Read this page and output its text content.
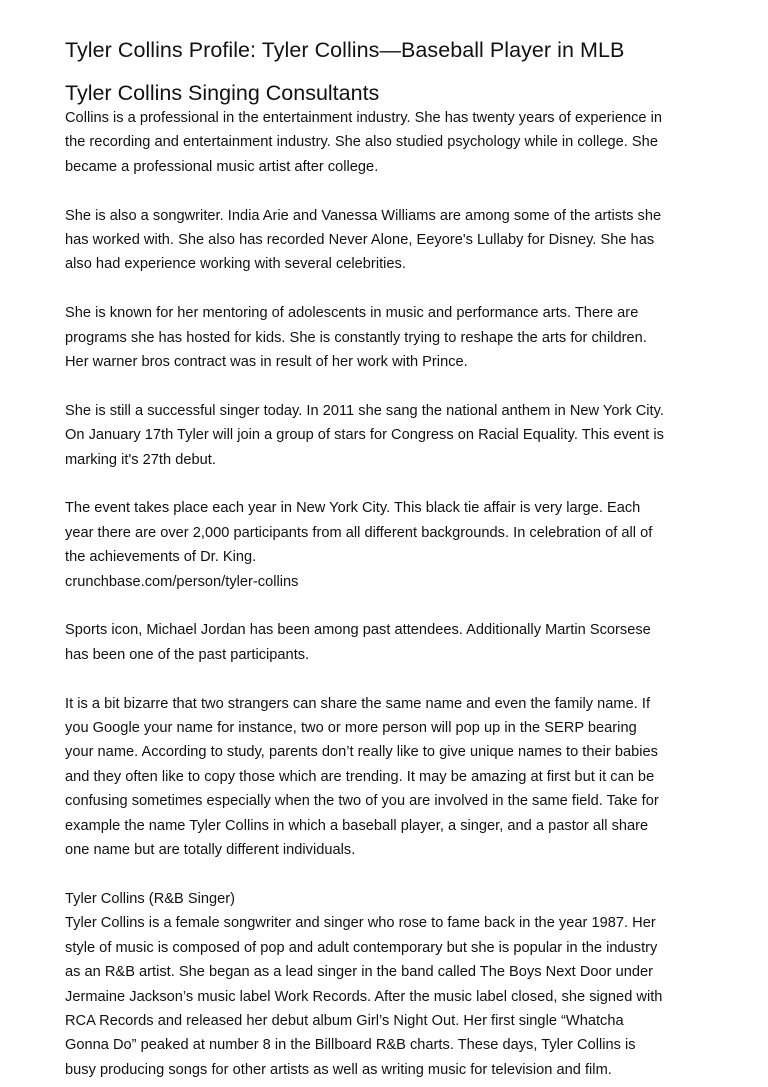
Tyler Collins Profile: Tyler Collins—Baseball Player in MLB
Tyler Collins Singing Consultants
Collins is a professional in the entertainment industry. She has twenty years of experience in
the recording and entertainment industry. She also studied psychology while in college. She
became a professional music artist after college.
She is also a songwriter. India Arie and Vanessa Williams are among some of the artists she
has worked with. She also has recorded Never Alone, Eeyore's Lullaby for Disney. She has
also had experience working with several celebrities.
She is known for her mentoring of adolescents in music and performance arts. There are
programs she has hosted for kids. She is constantly trying to reshape the arts for children.
Her warner bros contract was in result of her work with Prince.
She is still a successful singer today. In 2011 she sang the national anthem in New York City.
On January 17th Tyler will join a group of stars for Congress on Racial Equality. This event is
marking it's 27th debut.
The event takes place each year in New York City. This black tie affair is very large. Each
year there are over 2,000 participants from all different backgrounds. In celebration of all of
the achievements of Dr. King.
crunchbase.com/person/tyler-collins
Sports icon, Michael Jordan has been among past attendees. Additionally Martin Scorsese
has been one of the past participants.
It is a bit bizarre that two strangers can share the same name and even the family name. If
you Google your name for instance, two or more person will pop up in the SERP bearing
your name. According to study, parents don’t really like to give unique names to their babies
and they often like to copy those which are trending. It may be amazing at first but it can be
confusing sometimes especially when the two of you are involved in the same field. Take for
example the name Tyler Collins in which a baseball player, a singer, and a pastor all share
one name but are totally different individuals.
Tyler Collins (R&B Singer)
Tyler Collins is a female songwriter and singer who rose to fame back in the year 1987. Her
style of music is composed of pop and adult contemporary but she is popular in the industry
as an R&B artist. She began as a lead singer in the band called The Boys Next Door under
Jermaine Jackson’s music label Work Records. After the music label closed, she signed with
RCA Records and released her debut album Girl’s Night Out. Her first single “Whatcha
Gonna Do” peaked at number 8 in the Billboard R&B charts. These days, Tyler Collins is
busy producing songs for other artists as well as writing music for television and film.
